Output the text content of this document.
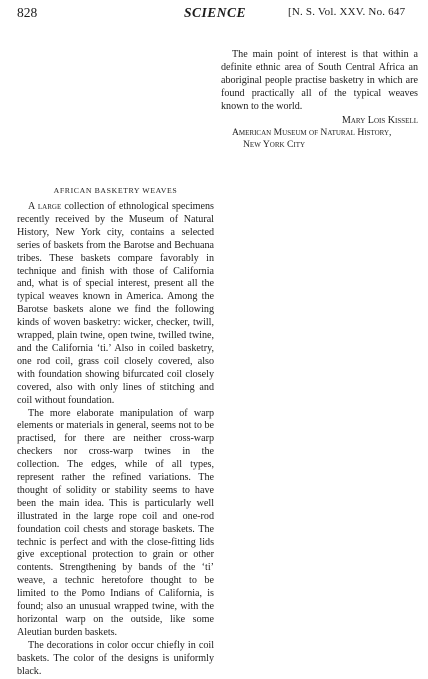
828	SCIENCE	[N. S. Vol. XXV. No. 647

The main point of interest is that within a definite ethnic area of South Central Africa an aboriginal people practise basketry in which are found practically all of the typical weaves known to the world.

Mary Lois Kissell
American Museum of Natural History,
New York City
AFRICAN BASKETRY WEAVES

A large collection of ethnological specimens recently received by the Museum of Natural History, New York city, contains a selected series of baskets from the Barotse and Bechuana tribes. These baskets compare favorably in technique and finish with those of California and, what is of special interest, present all the typical weaves known in America. Among the Barotse baskets alone we find the following kinds of woven basketry: wicker, checker, twill, wrapped, plain twine, open twine, twilled twine, and the California ‘ti.’ Also in coiled basketry, one rod coil, grass coil closely covered, also with foundation showing bifurcated coil closely covered, also with only lines of stitching and coil without foundation.

The more elaborate manipulation of warp elements or materials in general, seems not to be practised, for there are neither cross-warp checkers nor cross-warp twines in the collection. The edges, while of all types, represent rather the refined variations. The thought of solidity or stability seems to have been the main idea. This is particularly well illustrated in the large rope coil and one-rod foundation coil chests and storage baskets. The technic is perfect and with the close-fitting lids give exceptional protection to grain or other contents. Strengthening by bands of the ‘ti’ weave, a technic heretofore thought to be limited to the Pomo Indians of California, is found; also an unusual wrapped twine, with the horizontal warp on the outside, like some Aleutian burden baskets.

The decorations in color occur chiefly in coil baskets. The color of the designs is uniformly black.
